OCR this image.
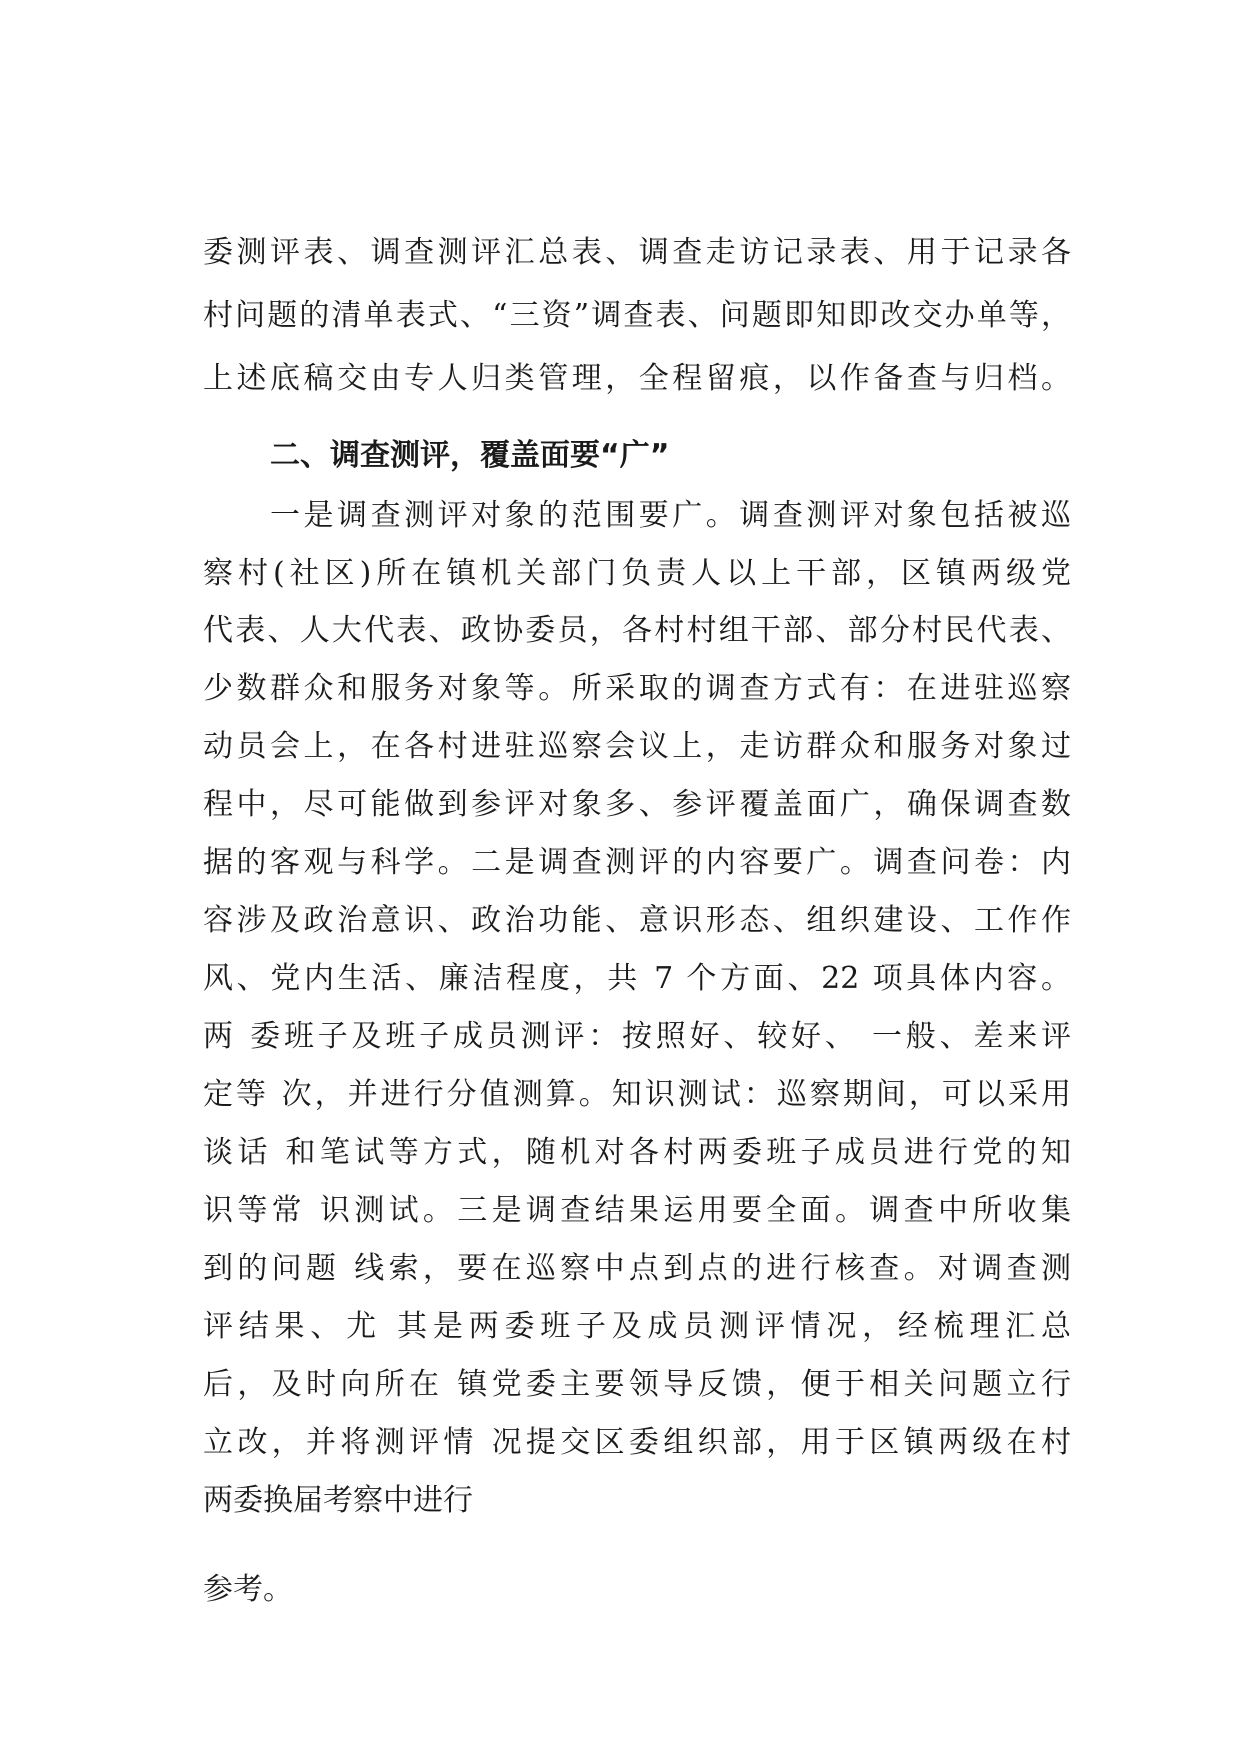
委测评表、调查测评汇总表、调查走访记录表、用于记录各
村问题的清单表式、“三资”调查表、问题即知即改交办单等，
上述底稿交由专人归类管理，全程留痕，以作备查与归档。
二、调查测评，覆盖面要“广”
一是调查测评对象的范围要广。调查测评对象包括被巡
察村(社区)所在镇机关部门负责人以上干部，区镇两级党
代表、人大代表、政协委员，各村村组干部、部分村民代表、
少数群众和服务对象等。所采取的调查方式有：在进驻巡察
动员会上，在各村进驻巡察会议上，走访群众和服务对象过
程中，尽可能做到参评对象多、参评覆盖面广，确保调查数
据的客观与科学。二是调查测评的内容要广。调查问卷：内
容涉及政治意识、政治功能、意识形态、组织建设、工作作
风、党内生活、廉洁程度，共 7 个方面、22 项具体内容。
两 委班子及班子成员测评：按照好、较好、 一般、差来评
定等 次，并进行分值测算。知识测试：巡察期间，可以采用
谈话 和笔试等方式，随机对各村两委班子成员进行党的知
识等常 识测试。三是调查结果运用要全面。调查中所收集
到的问题 线索，要在巡察中点到点的进行核查。对调查测
评结果、尤 其是两委班子及成员测评情况，经梳理汇总
后，及时向所在 镇党委主要领导反馈，便于相关问题立行
立改，并将测评情 况提交区委组织部，用于区镇两级在村
两委换届考察中进行
参考。
